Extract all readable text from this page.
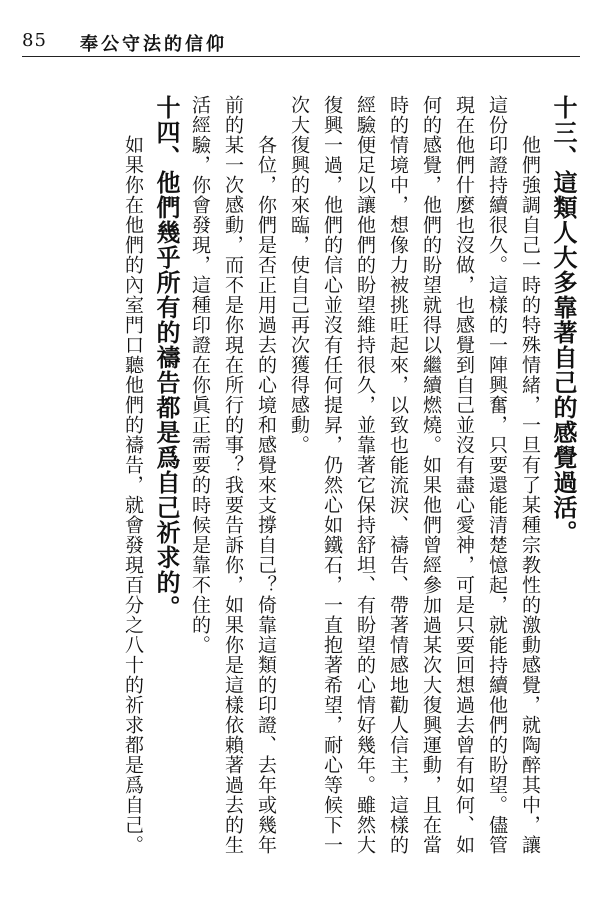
85 奉公守法的信仰
十三、這類人大多靠著自己的感覺過活。
　　他們強調自己一時的特殊情緒，一旦有了某種宗教性的激動感覺，就陶醉其中，讓
這份印證持續很久。這樣的一陣興奮，只要還能清楚憶起，就能持續他們的盼望。儘管
現在他們什麼也沒做，也感覺到自己並沒有盡心愛神，可是只要回想過去曾有如何、如
何的感覺，他們的盼望就得以繼續燃燒。如果他們曾經參加過某次大復興運動，且在當
時的情境中，想像力被挑旺起來，以致也能流淚、禱告、帶著情感地勸人信主，這樣的
經驗便足以讓他們的盼望維持很久，並靠著它保持舒坦、有盼望的心情好幾年。雖然大
復興一過，他們的信心並沒有任何提昇，仍然心如鐵石，一直抱著希望，耐心等候下一
次大復興的來臨，使自己再次獲得感動。
　　各位，你們是否正用過去的心境和感覺來支撐自己？倚靠這類的印證、去年或幾年
前的某一次感動，而不是你現在所行的事？我要告訴你，如果你是這樣依賴著過去的生
活經驗，你會發現，這種印證在你眞正需要的時候是靠不住的。
十四、他們幾乎所有的禱告都是爲自己祈求的。
　　如果你在他們的內室門口聽他們的禱告，就會發現百分之八十的祈求都是爲自己。
